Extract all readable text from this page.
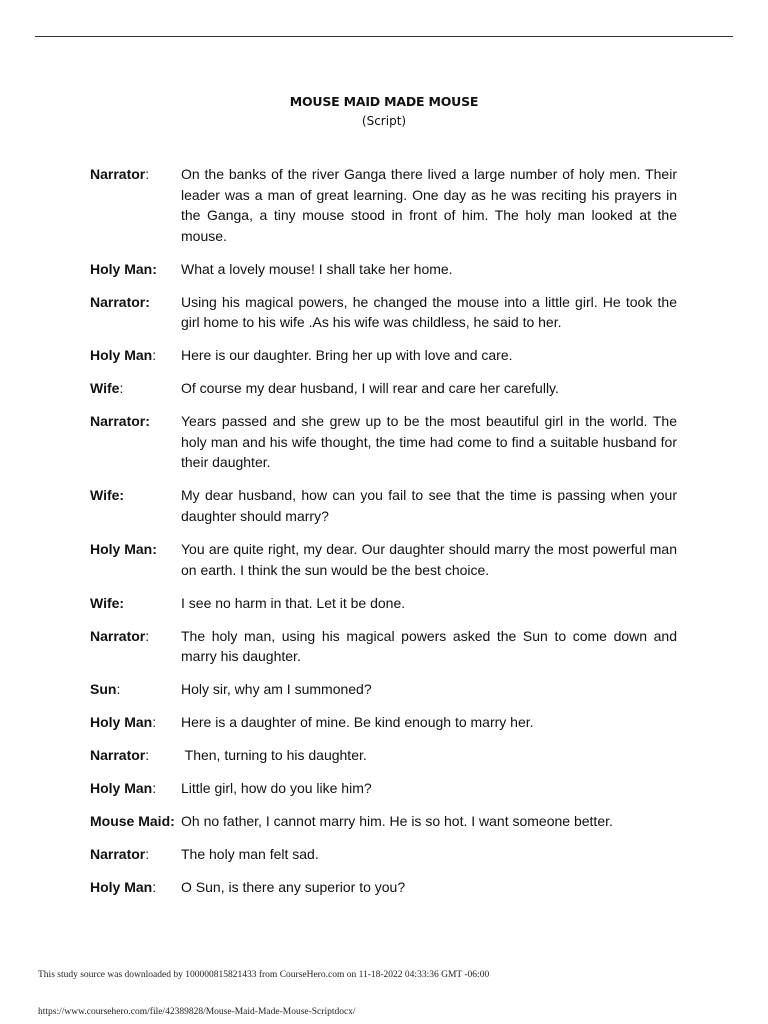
MOUSE MAID MADE MOUSE
(Script)
Narrator:	On the banks of the river Ganga there lived a large number of holy men. Their leader was a man of great learning. One day as he was reciting his prayers in the Ganga, a tiny mouse stood in front of him. The holy man looked at the mouse.
Holy Man:	What a lovely mouse! I shall take her home.
Narrator:	Using his magical powers, he changed the mouse into a little girl. He took the girl home to his wife .As his wife was childless, he said to her.
Holy Man:	Here is our daughter. Bring her up with love and care.
Wife:	Of course my dear husband, I will rear and care her carefully.
Narrator:	Years passed and she grew up to be the most beautiful girl in the world. The holy man and his wife thought, the time had come to find a suitable husband for their daughter.
Wife:	My dear husband, how can you fail to see that the time is passing when your daughter should marry?
Holy Man:	You are quite right, my dear. Our daughter should marry the most powerful man on earth. I think the sun would be the best choice.
Wife:	I see no harm in that. Let it be done.
Narrator:	The holy man, using his magical powers asked the Sun to come down and marry his daughter.
Sun:	Holy sir, why am I summoned?
Holy Man:	Here is a daughter of mine. Be kind enough to marry her.
Narrator:	Then, turning to his daughter.
Holy Man:	Little girl, how do you like him?
Mouse Maid: Oh no father, I cannot marry him. He is so hot. I want someone better.
Narrator:	The holy man felt sad.
Holy Man:	O Sun, is there any superior to you?
This study source was downloaded by 100000815821433 from CourseHero.com on 11-18-2022 04:33:36 GMT -06:00
https://www.coursehero.com/file/42389828/Mouse-Maid-Made-Mouse-Scriptdocx/
